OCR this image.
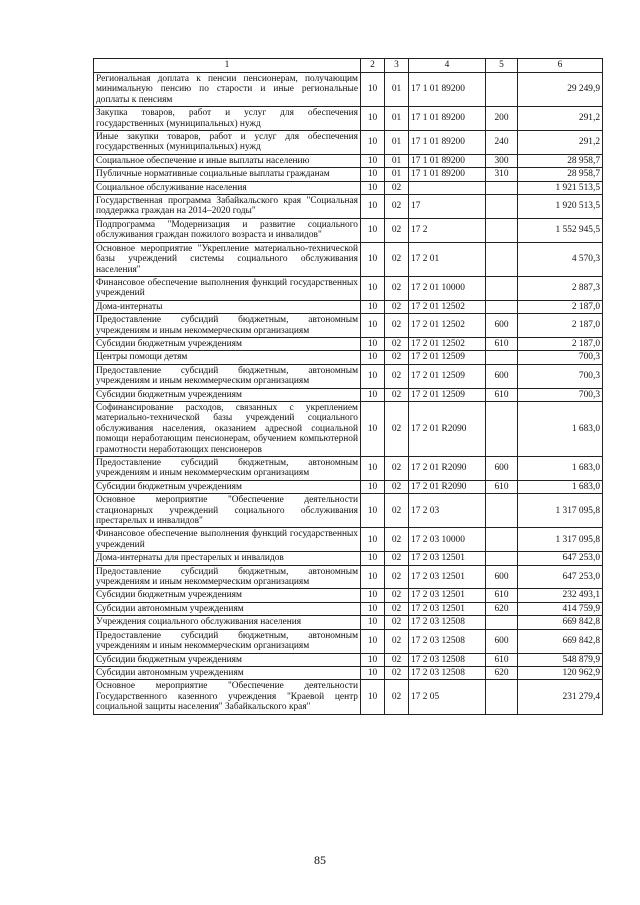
1	2	3	4	5	6
Региональная доплата к пенсии пенсионерам, получающим минимальную пенсию по старости и иные региональные доплаты к пенсиям	10	01	17 1 01 89200		29 249,9
Закупка товаров, работ и услуг для обеспечения государственных (муниципальных) нужд	10	01	17 1 01 89200	200	291,2
Иные закупки товаров, работ и услуг для обеспечения государственных (муниципальных) нужд	10	01	17 1 01 89200	240	291,2
Социальное обеспечение и иные выплаты населению	10	01	17 1 01 89200	300	28 958,7
Публичные нормативные социальные выплаты гражданам	10	01	17 1 01 89200	310	28 958,7
Социальное обслуживание населения	10	02			1 921 513,5
Государственная программа Забайкальского края "Социальная поддержка граждан на 2014–2020 годы"	10	02	17		1 920 513,5
Подпрограмма "Модернизация и развитие социального обслуживания граждан пожилого возраста и инвалидов"	10	02	17 2		1 552 945,5
Основное мероприятие "Укрепление материально-технической базы учреждений системы социального обслуживания населения"	10	02	17 2 01		4 570,3
Финансовое обеспечение выполнения функций государственных учреждений	10	02	17 2 01 10000		2 887,3
Дома-интернаты	10	02	17 2 01 12502		2 187,0
Предоставление субсидий бюджетным, автономным учреждениям и иным некоммерческим организациям	10	02	17 2 01 12502	600	2 187,0
Субсидии бюджетным учреждениям	10	02	17 2 01 12502	610	2 187,0
Центры помощи детям	10	02	17 2 01 12509		700,3
Предоставление субсидий бюджетным, автономным учреждениям и иным некоммерческим организациям	10	02	17 2 01 12509	600	700,3
Субсидии бюджетным учреждениям	10	02	17 2 01 12509	610	700,3
Софинансирование расходов, связанных с укреплением материально-технической базы учреждений социального обслуживания населения, оказанием адресной социальной помощи неработающим пенсионерам, обучением компьютерной грамотности неработающих пенсионеров	10	02	17 2 01 R2090		1 683,0
Предоставление субсидий бюджетным, автономным учреждениям и иным некоммерческим организациям	10	02	17 2 01 R2090	600	1 683,0
Субсидии бюджетным учреждениям	10	02	17 2 01 R2090	610	1 683,0
Основное мероприятие "Обеспечение деятельности стационарных учреждений социального обслуживания престарелых и инвалидов"	10	02	17 2 03		1 317 095,8
Финансовое обеспечение выполнения функций государственных учреждений	10	02	17 2 03 10000		1 317 095,8
Дома-интернаты для престарелых и инвалидов	10	02	17 2 03 12501		647 253,0
Предоставление субсидий бюджетным, автономным учреждениям и иным некоммерческим организациям	10	02	17 2 03 12501	600	647 253,0
Субсидии бюджетным учреждениям	10	02	17 2 03 12501	610	232 493,1
Субсидии автономным учреждениям	10	02	17 2 03 12501	620	414 759,9
Учреждения социального обслуживания населения	10	02	17 2 03 12508		669 842,8
Предоставление субсидий бюджетным, автономным учреждениям и иным некоммерческим организациям	10	02	17 2 03 12508	600	669 842,8
Субсидии бюджетным учреждениям	10	02	17 2 03 12508	610	548 879,9
Субсидии автономным учреждениям	10	02	17 2 03 12508	620	120 962,9
Основное мероприятие "Обеспечение деятельности Государственного казенного учреждения "Краевой центр социальной защиты населения" Забайкальского края"	10	02	17 2 05		231 279,4
85
